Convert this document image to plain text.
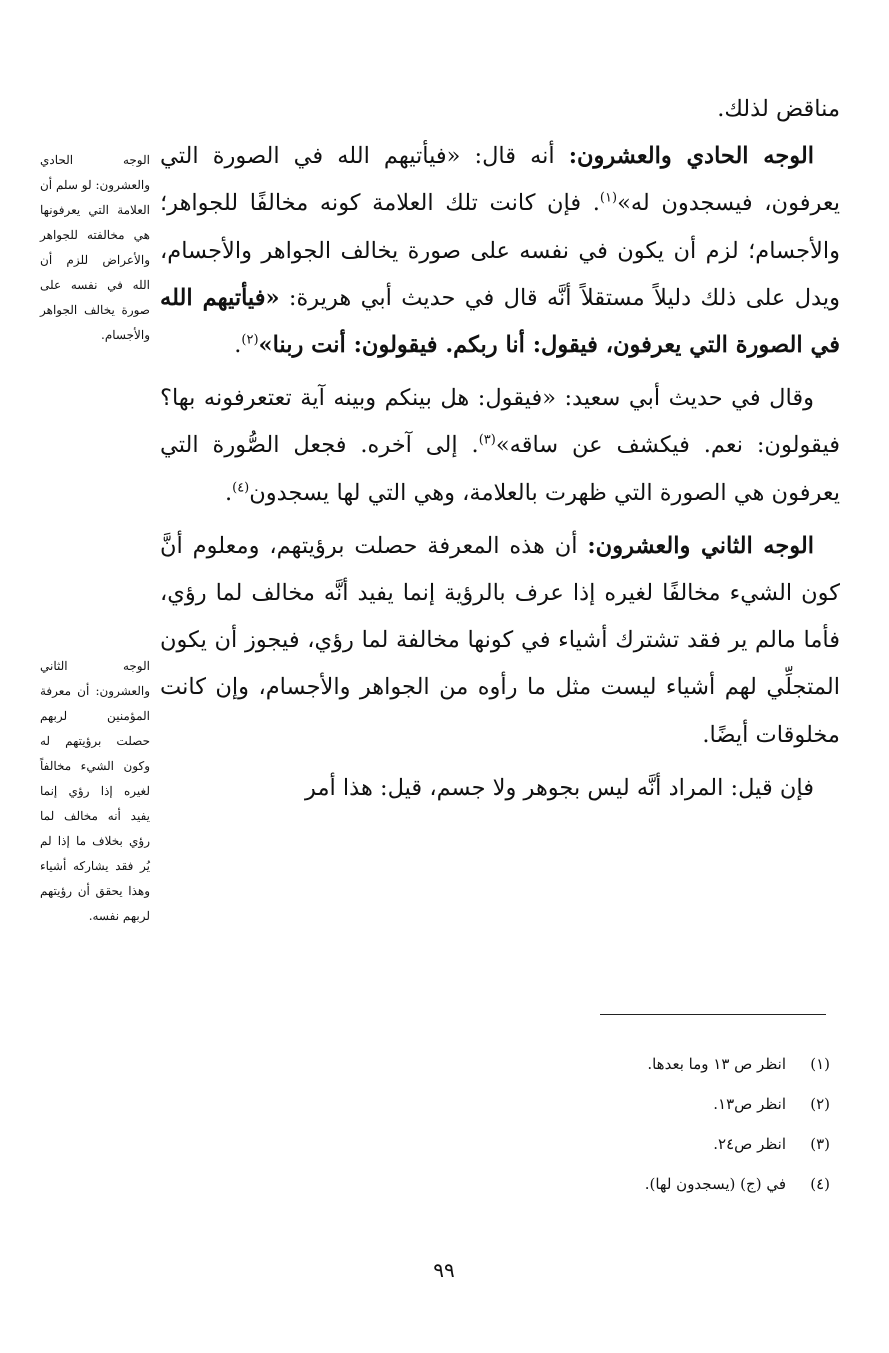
مناقض لذلك.

الوجه الحادي والعشرون: أنه قال: «فيأتيهم الله في الصورة التي يعرفون، فيسجدون له»$^{(١)}$. فإن كانت تلك العلامة كونه مخالفًا للجواهر؛ والأجسام؛ لزم أن يكون في نفسه على صورة يخالف الجواهر والأجسام، ويدل على ذلك دليلاً مستقلاً أنَّه قال في حديث أبي هريرة: «فيأتيهم الله في الصورة التي يعرفون، فيقول: أنا ربكم. فيقولون: أنت ربنا»$^{(٢)}$.

وقال في حديث أبي سعيد: «فيقول: هل بينكم وبينه آية تعتعرفونه بها؟ فيقولون: نعم. فيكشف عن ساقه»$^{(٣)}$. إلى آخره. فجعل الصُّورة التي يعرفون هي الصورة التي ظهرت بالعلامة، وهي التي لها يسجدون$^{(٤)}$.

الوجه الثاني والعشرون: أن هذه المعرفة حصلت برؤيتهم، ومعلوم أنَّ كون الشيء مخالفًا لغيره إذا عرف بالرؤية إنما يفيد أنَّه مخالف لما رؤي، فأما مالم ير فقد تشترك أشياء في كونها مخالفة لما رؤي، فيجوز أن يكون المتجلِّي لهم أشياء ليست مثل ما رأوه من الجواهر والأجسام، وإن كانت مخلوقات أيضًا.

فإن قيل: المراد أنَّه ليس بجوهر ولا جسم، قيل: هذا أمر

الوجه الحادي والعشرون: لو سلم أن العلامة التي يعرفونها هي مخالفته للجواهر والأعراض للزم أن الله في نفسه على صورة يخالف الجواهر والأجسام.
الوجه الثاني والعشرون: أن معرفة المؤمنين لربهم حصلت برؤيتهم له وكون الشيء مخالفاً لغيره إذا رؤي إنما يفيد أنه مخالف لما رؤي بخلاف ما إذا لم يُر فقد يشاركه أشياء وهذا يحقق أن رؤيتهم لربهم نفسه.
(١)
انظر ص ١٣ وما بعدها.
(٢)
انظر ص١٣.
(٣)
انظر ص٢٤.
(٤)
في (ج) (يسجدون لها).
٩٩
